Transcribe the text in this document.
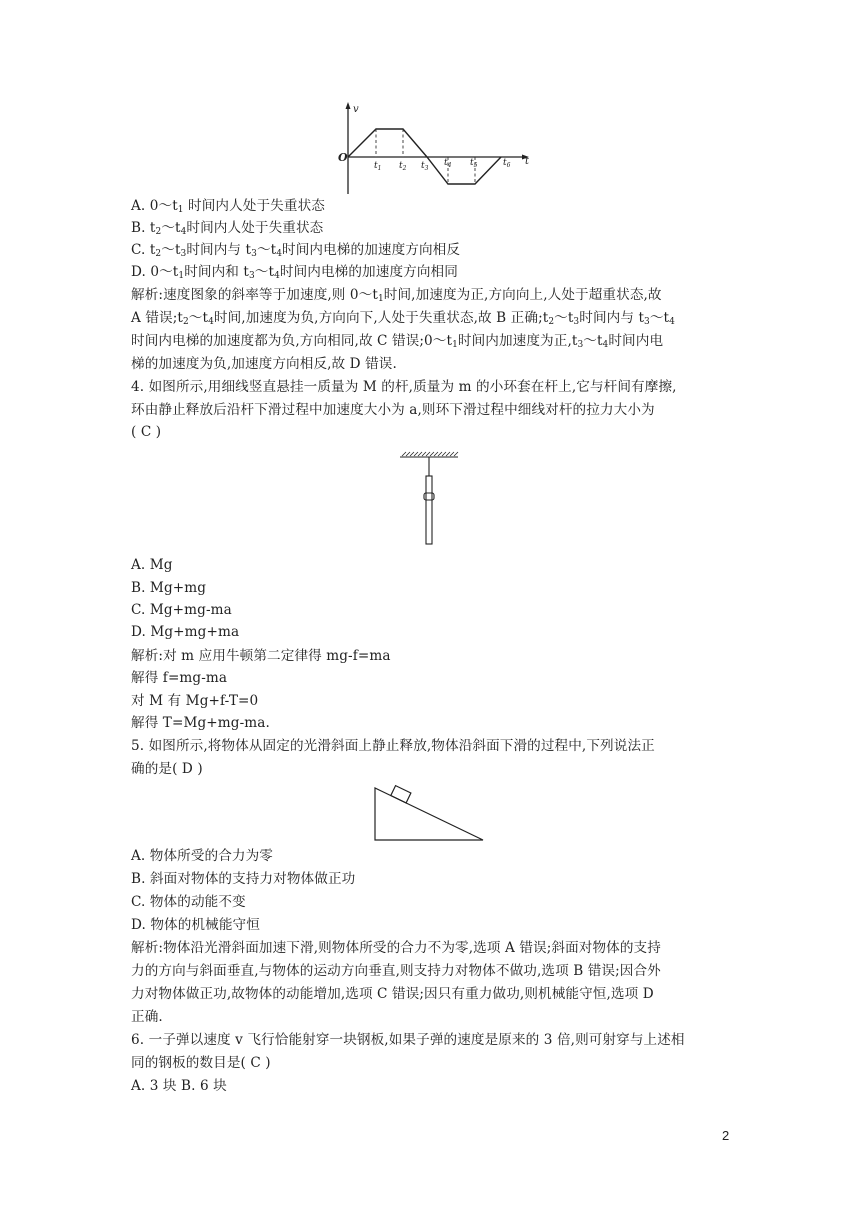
v
t
O
$t_1$ $t_2$ $t_3$
$t_4$ $t_5$	$t_6$
A. $0\sim t_1$ 时间内人处于失重状态
B. $t_2\sim t_4$时间内人处于失重状态
C. $t_2\sim t_3$时间内与 $t_3\sim t_4$时间内电梯的加速度方向相反
D. $0\sim t_1$时间内和 $t_3\sim t_4$时间内电梯的加速度方向相同
解析:速度图象的斜率等于加速度,则 $0\sim t_1$时间,加速度为正,方向向上,人处于超重状态,故
A 错误$;t_2\sim t_4$时间,加速度为负,方向向下,人处于失重状态,故 B 正确$;t_2\sim t_3$时间内与 $t_3\sim t_4$
时间内电梯的加速度都为负,方向相同,故 C 错误$;0\sim t_1$时间内加速度为正$,t_3\sim t_4$时间内电
梯的加速度为负,加速度方向相反,故 D 错误.
4. 如图所示,用细线竖直悬挂一质量为 M 的杆,质量为 m 的小环套在杆上,它与杆间有摩擦,
环由静止释放后沿杆下滑过程中加速度大小为 a,则环下滑过程中细线对杆的拉力大小为
( C )
A. Mg
B. Mg+mg
C. Mg+mg-ma
D. Mg+mg+ma
解析:对 m 应用牛顿第二定律得 mg-f=ma
解得 f=mg-ma
对 M 有 Mg+f-T=0
解得 T=Mg+mg-ma.
5. 如图所示,将物体从固定的光滑斜面上静止释放,物体沿斜面下滑的过程中,下列说法正
确的是( D )
A. 物体所受的合力为零
B. 斜面对物体的支持力对物体做正功
C. 物体的动能不变
D. 物体的机械能守恒
解析:物体沿光滑斜面加速下滑,则物体所受的合力不为零,选项 A 错误;斜面对物体的支持
力的方向与斜面垂直,与物体的运动方向垂直,则支持力对物体不做功,选项 B 错误;因合外
力对物体做正功,故物体的动能增加,选项 C 错误;因只有重力做功,则机械能守恒,选项 D
正确.
6. 一子弹以速度 v 飞行恰能射穿一块钢板,如果子弹的速度是原来的 3 倍,则可射穿与上述相
同的钢板的数目是( C )
A. 3 块 B. 6 块
2
